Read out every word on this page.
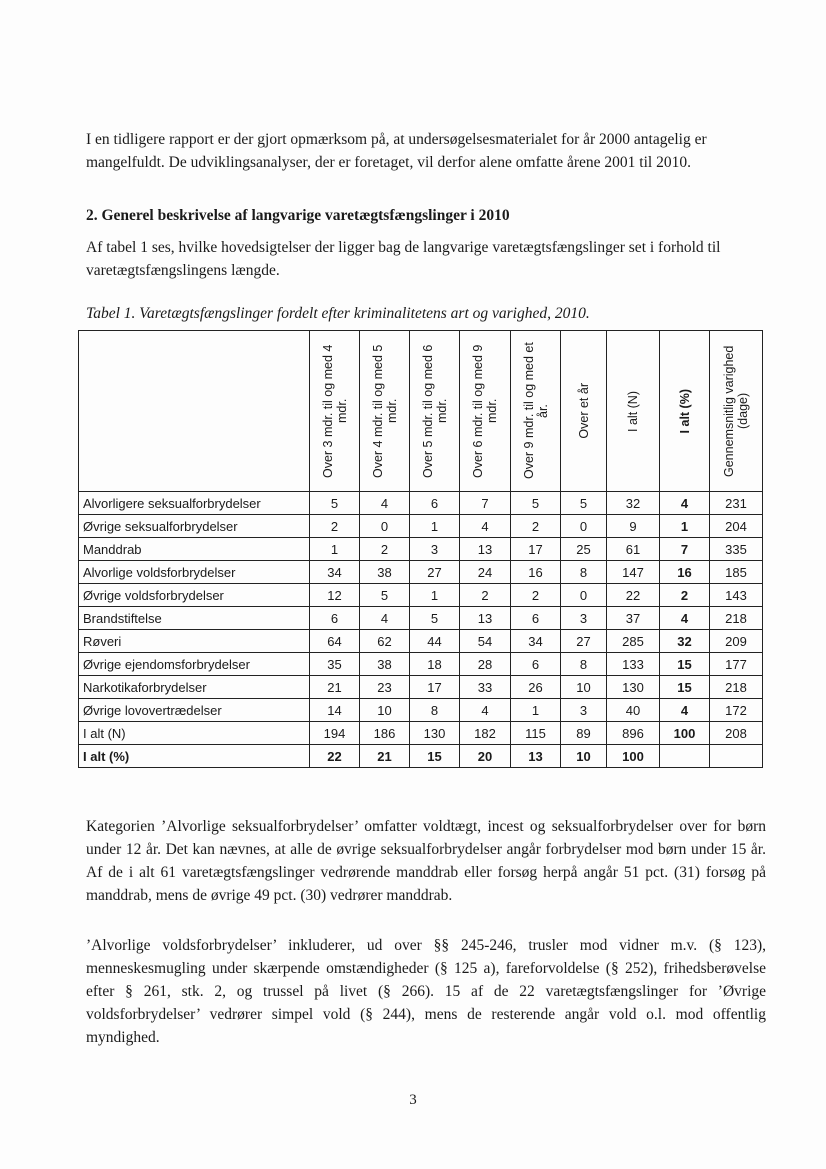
I en tidligere rapport er der gjort opmærksom på, at undersøgelsesmaterialet for år 2000 antagelig er mangelfuldt. De udviklingsanalyser, der er foretaget, vil derfor alene omfatte årene 2001 til 2010.

2. Generel beskrivelse af langvarige varetægtsfængslinger i 2010

Af tabel 1 ses, hvilke hovedsigtelser der ligger bag de langvarige varetægtsfængslinger set i forhold til varetægtsfængslingens længde.

Tabel 1. Varetægtsfængslinger fordelt efter kriminalitetens art og varighed, 2010.

	Over 3 mdr. til og med 4 mdr.	Over 4 mdr. til og med 5 mdr.	Over 5 mdr. til og med 6 mdr.	Over 6 mdr. til og med 9 mdr.	Over 9 mdr. til og med et år.	Over et år	I alt (N)	I alt (%)	Gennemsnitlig varighed (dage)

Alvorligere seksualforbrydelser	5	4	6	7	5	5	32	4	231
Øvrige seksualforbrydelser	2	0	1	4	2	0	9	1	204
Manddrab	1	2	3	13	17	25	61	7	335
Alvorlige voldsforbrydelser	34	38	27	24	16	8	147	16	185
Øvrige voldsforbrydelser	12	5	1	2	2	0	22	2	143
Brandstiftelse	6	4	5	13	6	3	37	4	218
Røveri	64	62	44	54	34	27	285	32	209
Øvrige ejendomsforbrydelser	35	38	18	28	6	8	133	15	177
Narkotikaforbrydelser	21	23	17	33	26	10	130	15	218
Øvrige lovovertrædelser	14	10	8	4	1	3	40	4	172
I alt (N)	194	186	130	182	115	89	896	100	208
I alt (%)	22	21	15	20	13	10	100		

Kategorien ’Alvorlige seksualforbrydelser’ omfatter voldtægt, incest og seksualforbrydelser over for børn under 12 år. Det kan nævnes, at alle de øvrige seksualforbrydelser angår forbrydelser mod børn under 15 år. Af de i alt 61 varetægtsfængslinger vedrørende manddrab eller forsøg herpå angår 51 pct. (31) forsøg på manddrab, mens de øvrige 49 pct. (30) vedrører manddrab.

’Alvorlige voldsforbrydelser’ inkluderer, ud over §§ 245-246, trusler mod vidner m.v. (§ 123), menneskesmugling under skærpende omstændigheder (§ 125 a), fareforvoldelse (§ 252), frihedsberøvelse efter § 261, stk. 2, og trussel på livet (§ 266). 15 af de 22 varetægtsfængslinger for ’Øvrige voldsforbrydelser’ vedrører simpel vold (§ 244), mens de resterende angår vold o.l. mod offentlig myndighed.

3
